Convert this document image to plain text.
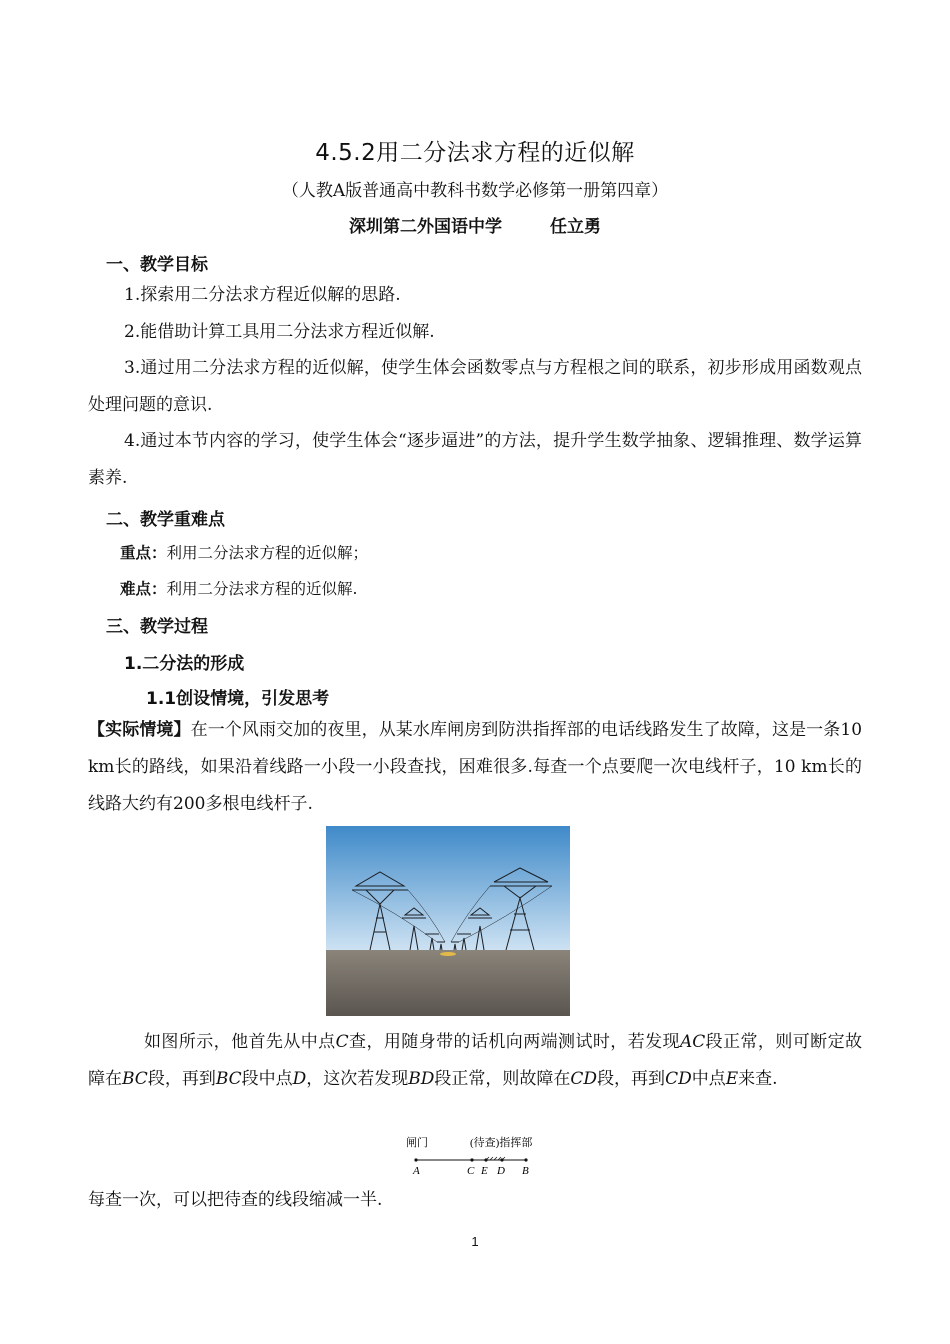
4.5.2用二分法求方程的近似解
（人教A版普通高中教科书数学必修第一册第四章）
深圳第二外国语中学	任立勇
一、教学目标
1.探索用二分法求方程近似解的思路.
2.能借助计算工具用二分法求方程近似解.
3.通过用二分法求方程的近似解，使学生体会函数零点与方程根之间的联系，初步形成用函数观点处理问题的意识.
4.通过本节内容的学习，使学生体会“逐步逼进”的方法，提升学生数学抽象、逻辑推理、数学运算素养.
二、教学重难点
重点：利用二分法求方程的近似解；
难点：利用二分法求方程的近似解.
三、教学过程
1.二分法的形成
1.1创设情境，引发思考
【实际情境】在一个风雨交加的夜里，从某水库闸房到防洪指挥部的电话线路发生了故障，这是一条10 km长的路线，如果沿着线路一小段一小段查找，困难很多.每查一个点要爬一次电线杆子，10 km长的线路大约有200多根电线杆子.
如图所示，他首先从中点C查，用随身带的话机向两端测试时，若发现AC段正常，则可断定故障在BC段，再到BC段中点D，这次若发现BD段正常，则故障在CD段，再到CD中点E来查.
闸门	(待查)指挥部
A	C E D B
每查一次，可以把待查的线段缩减一半.
1
